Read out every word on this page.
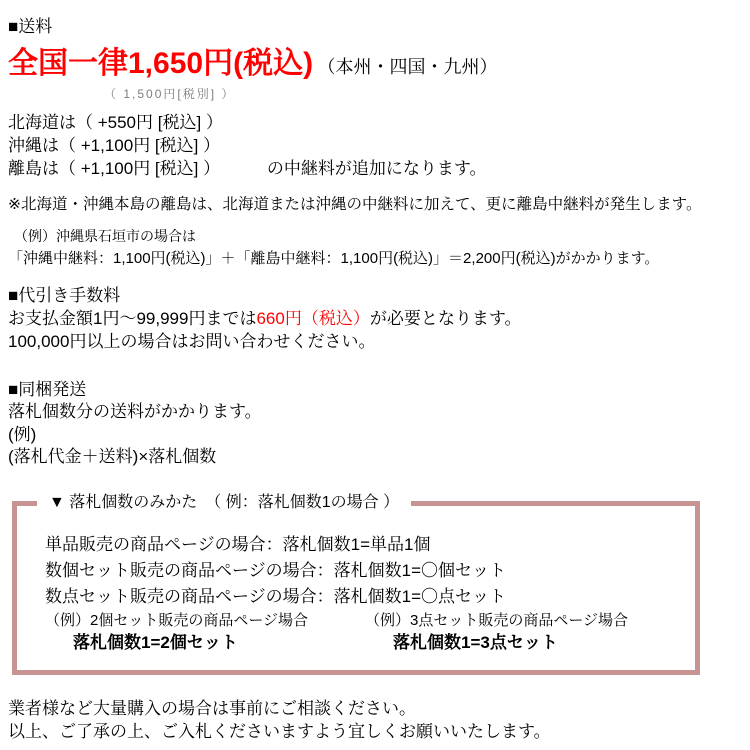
■送料
全国一律1,650円(税込) （本州・四国・九州）
（ 1,500円[税別] ）
北海道は（ +550円 [税込] ）
沖縄は（ +1,100円 [税込] ）
離島は（ +1,100円 [税込] ）	の中継料が追加になります。
※北海道・沖縄本島の離島は、北海道または沖縄の中継料に加えて、更に離島中継料が発生します。
（例）沖縄県石垣市の場合は
「沖縄中継料：1,100円(税込)」＋「離島中継料：1,100円(税込)」＝2,200円(税込)がかかります。
■代引き手数料
お支払金額1円～99,999円までは660円（税込）が必要となります。
100,000円以上の場合はお問い合わせください。
■同梱発送
落札個数分の送料がかかります。
(例)
(落札代金＋送料)×落札個数
▼ 落札個数のみかた　（ 例：落札個数1の場合 ）
単品販売の商品ページの場合：落札個数1=単品1個
数個セット販売の商品ページの場合：落札個数1=〇個セット
数点セット販売の商品ページの場合：落札個数1=〇点セット
（例）2個セット販売の商品ページ場合
落札個数1=2個セット
（例）3点セット販売の商品ページ場合
落札個数1=3点セット
業者様など大量購入の場合は事前にご相談ください。
以上、ご了承の上、ご入札くださいますよう宜しくお願いいたします。
